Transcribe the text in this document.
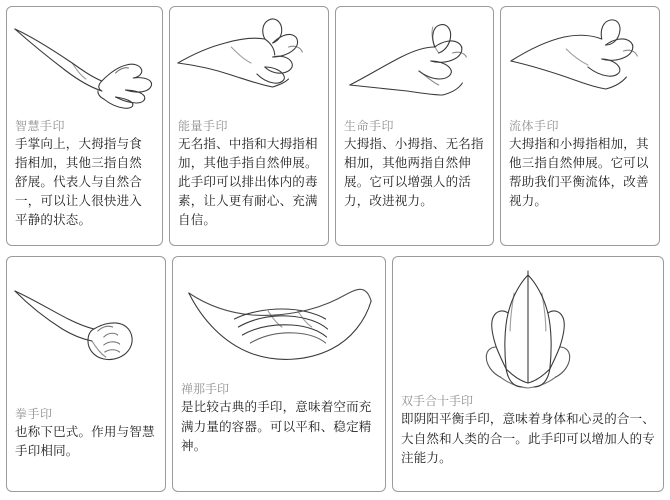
智慧手印
手掌向上，大拇指与食指相加，其他三指自然舒展。代表人与自然合一，可以让人很快进入平静的状态。
能量手印
无名指、中指和大拇指相加，其他手指自然伸展。此手印可以排出体内的毒素，让人更有耐心、充满自信。
生命手印
大拇指、小拇指、无名指相加，其他两指自然伸展。它可以增强人的活力，改进视力。
流体手印
大拇指和小拇指相加，其他三指自然伸展。它可以帮助我们平衡流体，改善视力。
拳手印
也称下巴式。作用与智慧手印相同。
禅那手印
是比较古典的手印，意味着空而充满力量的容器。可以平和、稳定精神。
双手合十手印
即阴阳平衡手印，意味着身体和心灵的合一、大自然和人类的合一。此手印可以增加人的专注能力。
